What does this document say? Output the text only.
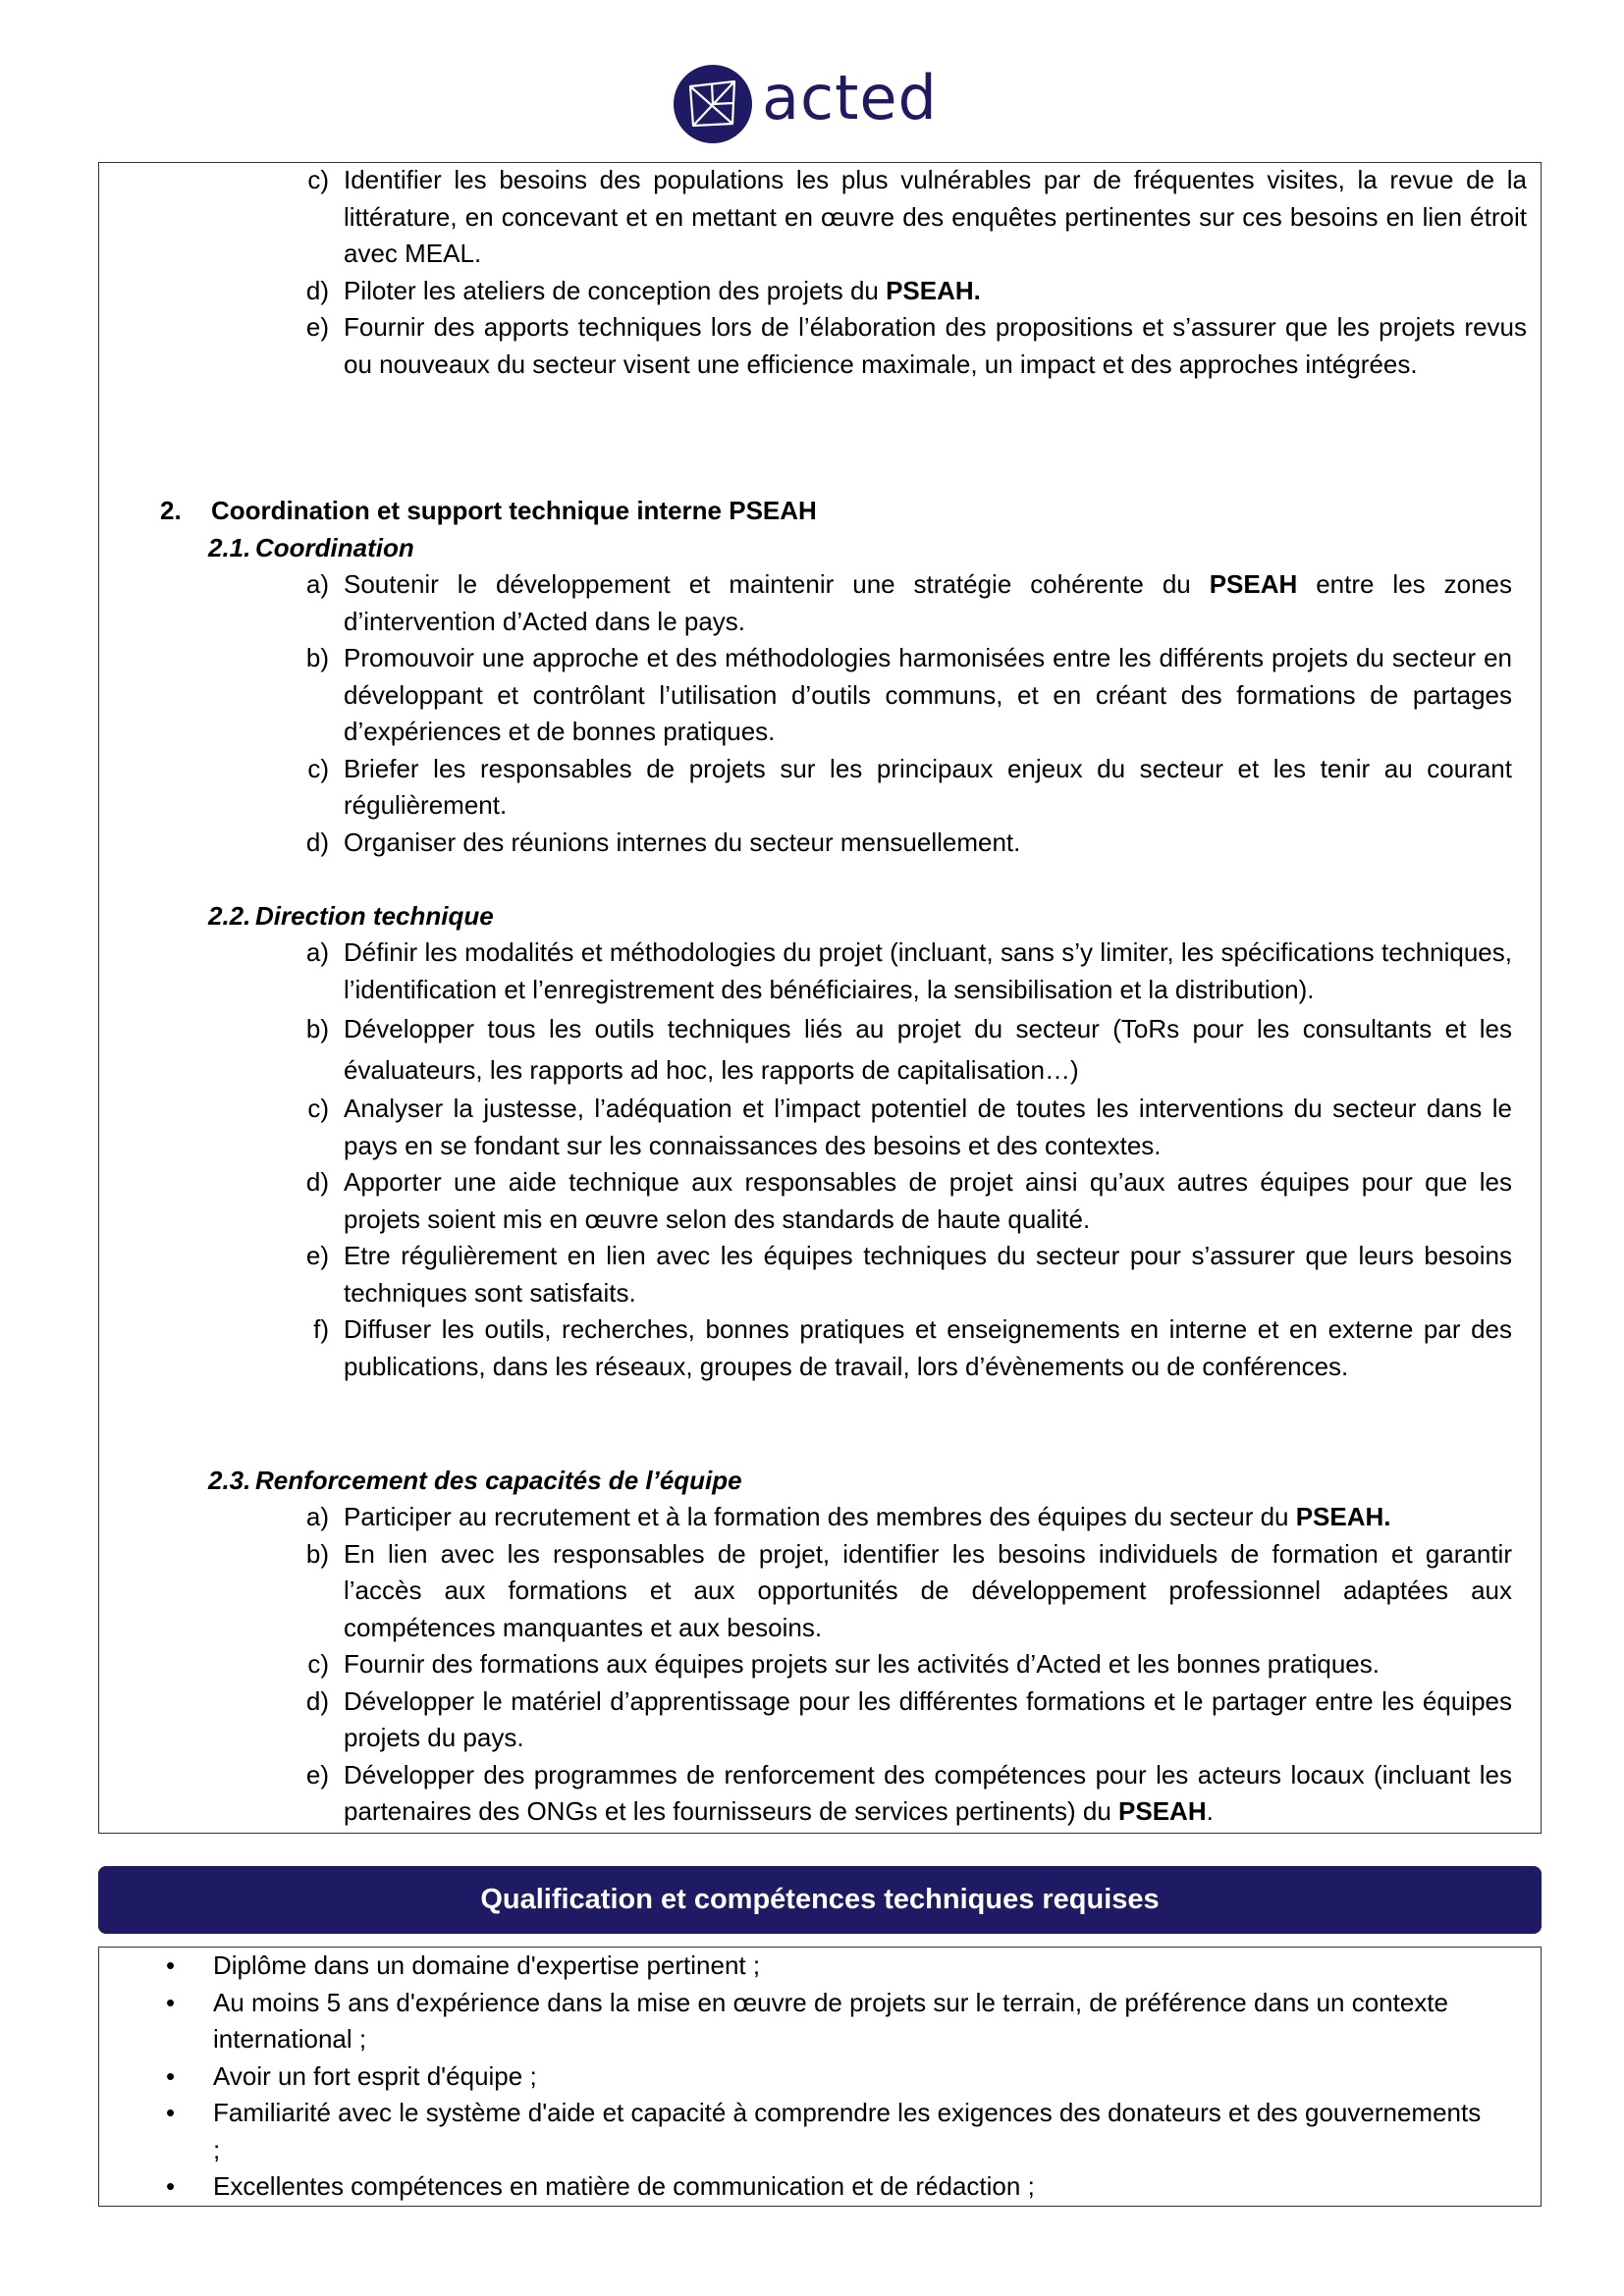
acted
c) Identifier les besoins des populations les plus vulnérables par de fréquentes visites, la revue de la littérature, en concevant et en mettant en œuvre des enquêtes pertinentes sur ces besoins en lien étroit avec MEAL.
d) Piloter les ateliers de conception des projets du PSEAH.
e) Fournir des apports techniques lors de l’élaboration des propositions et s’assurer que les projets revus ou nouveaux du secteur visent une efficience maximale, un impact et des approches intégrées.
2. Coordination et support technique interne PSEAH
2.1. Coordination
a) Soutenir le développement et maintenir une stratégie cohérente du PSEAH entre les zones d’intervention d’Acted dans le pays.
b) Promouvoir une approche et des méthodologies harmonisées entre les différents projets du secteur en développant et contrôlant l’utilisation d’outils communs, et en créant des formations de partages d’expériences et de bonnes pratiques.
c) Briefer les responsables de projets sur les principaux enjeux du secteur et les tenir au courant régulièrement.
d) Organiser des réunions internes du secteur mensuellement.
2.2. Direction technique
a) Définir les modalités et méthodologies du projet (incluant, sans s’y limiter, les spécifications techniques, l’identification et l’enregistrement des bénéficiaires, la sensibilisation et la distribution).
b) Développer tous les outils techniques liés au projet du secteur (ToRs pour les consultants et les évaluateurs, les rapports ad hoc, les rapports de capitalisation…)
c) Analyser la justesse, l’adéquation et l’impact potentiel de toutes les interventions du secteur dans le pays en se fondant sur les connaissances des besoins et des contextes.
d) Apporter une aide technique aux responsables de projet ainsi qu’aux autres équipes pour que les projets soient mis en œuvre selon des standards de haute qualité.
e) Etre régulièrement en lien avec les équipes techniques du secteur pour s’assurer que leurs besoins techniques sont satisfaits.
f) Diffuser les outils, recherches, bonnes pratiques et enseignements en interne et en externe par des publications, dans les réseaux, groupes de travail, lors d’évènements ou de conférences.
2.3. Renforcement des capacités de l’équipe
a) Participer au recrutement et à la formation des membres des équipes du secteur du PSEAH.
b) En lien avec les responsables de projet, identifier les besoins individuels de formation et garantir l’accès aux formations et aux opportunités de développement professionnel adaptées aux compétences manquantes et aux besoins.
c) Fournir des formations aux équipes projets sur les activités d’Acted et les bonnes pratiques.
d) Développer le matériel d’apprentissage pour les différentes formations et le partager entre les équipes projets du pays.
e) Développer des programmes de renforcement des compétences pour les acteurs locaux (incluant les partenaires des ONGs et les fournisseurs de services pertinents) du PSEAH.
Qualification et compétences techniques requises
•	Diplôme dans un domaine d'expertise pertinent ;
•	Au moins 5 ans d'expérience dans la mise en œuvre de projets sur le terrain, de préférence dans un contexte international ;
•	Avoir un fort esprit d'équipe ;
•	Familiarité avec le système d'aide et capacité à comprendre les exigences des donateurs et des gouvernements ;
•	Excellentes compétences en matière de communication et de rédaction ;
